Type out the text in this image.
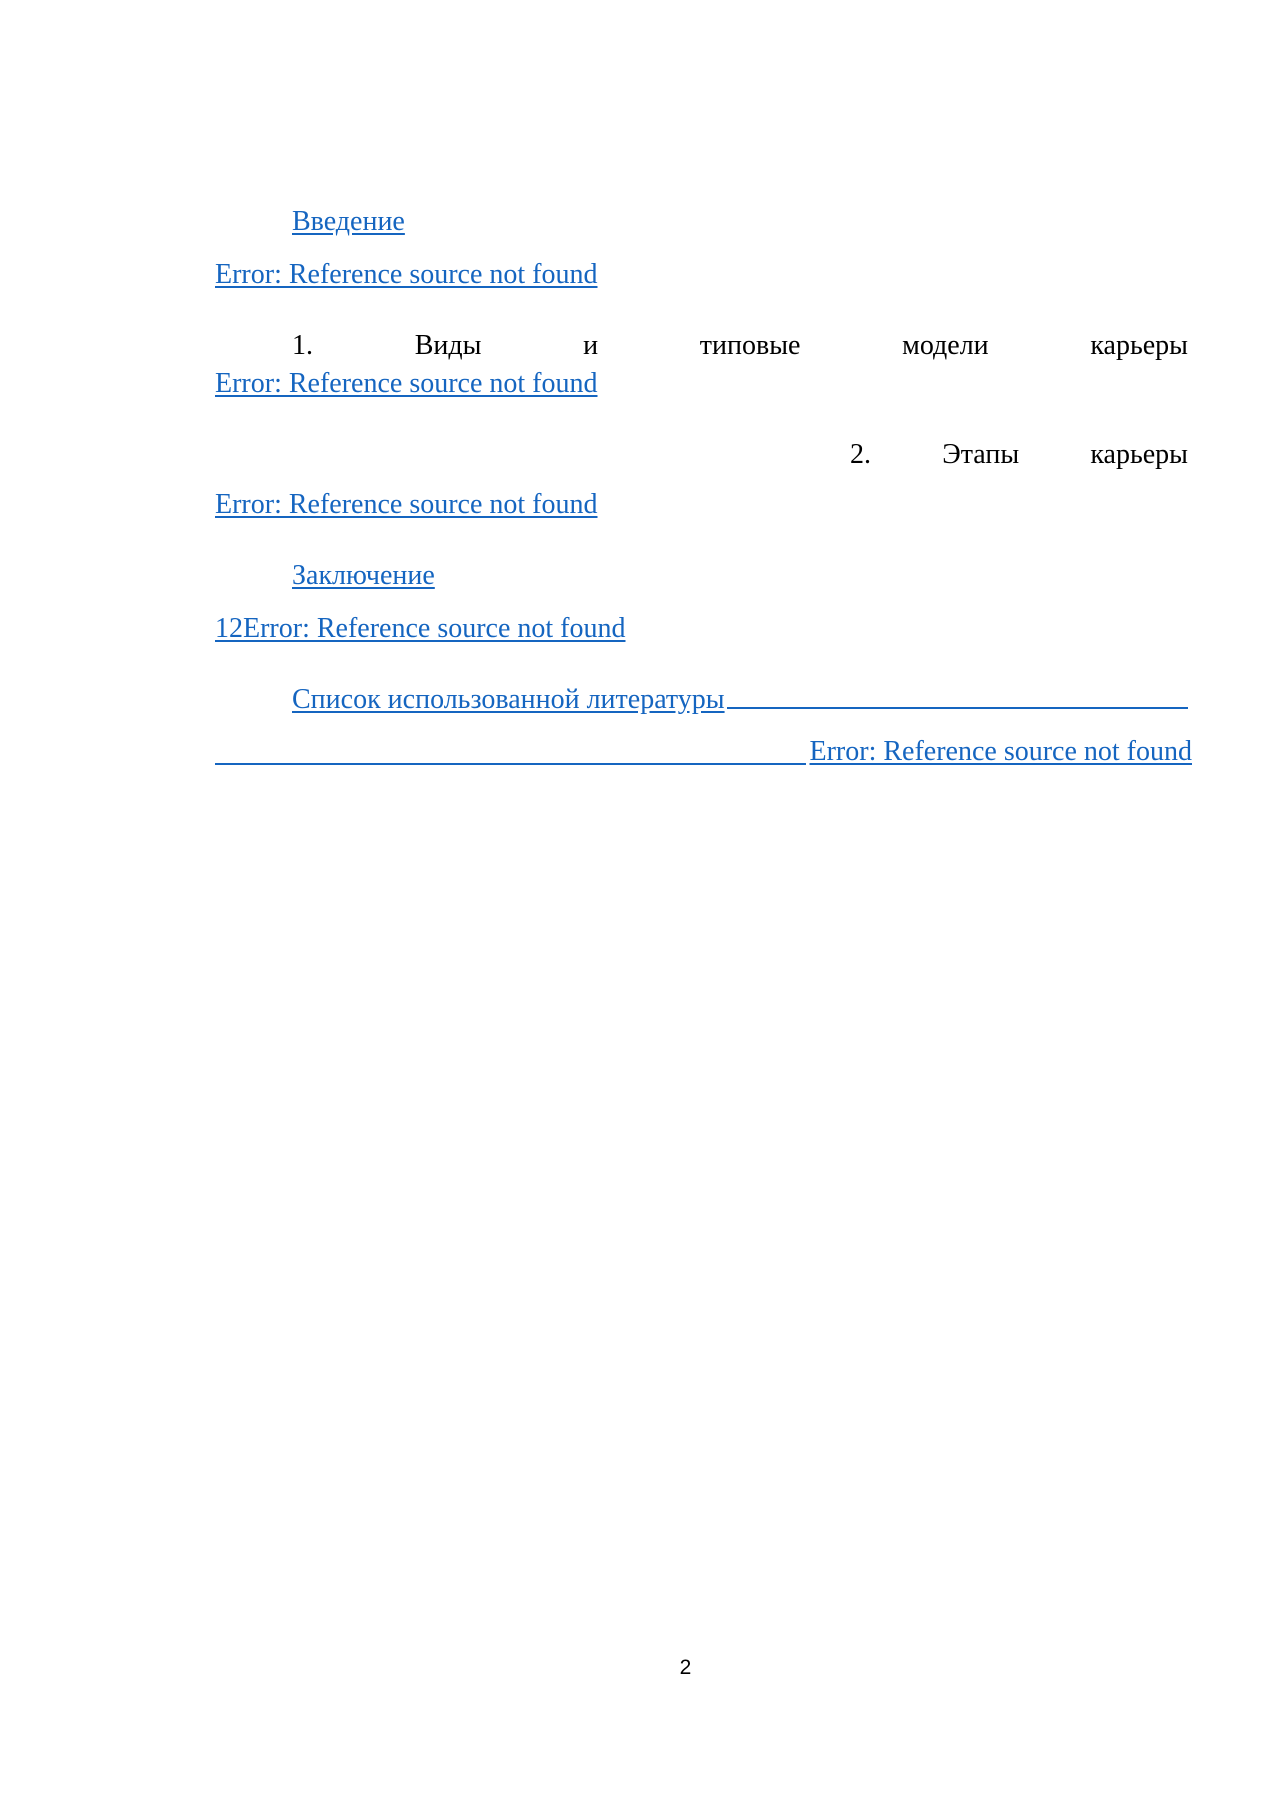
Введение
Error: Reference source not found
1.	Виды	и	типовые	модели	карьеры
Error: Reference source not found
2.	Этапы	карьеры
Error: Reference source not found
Заключение
12Error: Reference source not found
Список использованной литературы
Error: Reference source not found
2
